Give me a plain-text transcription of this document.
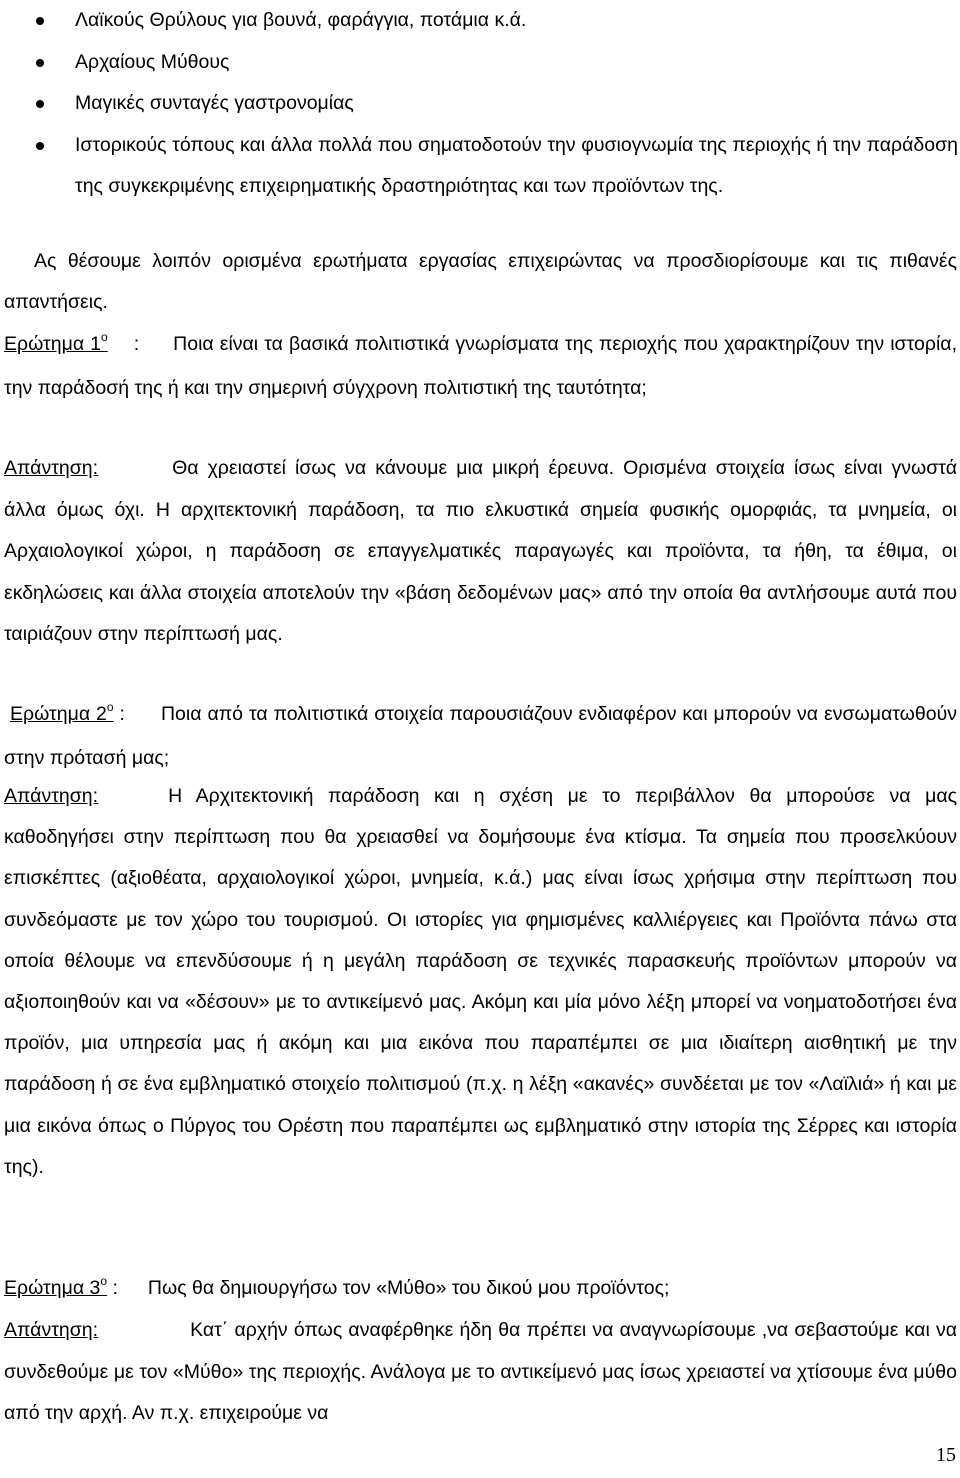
Λαϊκούς Θρύλους για βουνά, φαράγγια, ποτάμια κ.ά.
Αρχαίους Μύθους
Μαγικές συνταγές γαστρονομίας
Ιστορικούς τόπους και άλλα πολλά που σηματοδοτούν την φυσιογνωμία της περιοχής ή την παράδοση της συγκεκριμένης επιχειρηματικής δραστηριότητας και των προϊόντων της.

Ας θέσουμε λοιπόν ορισμένα ερωτήματα εργασίας επιχειρώντας να προσδιορίσουμε και τις πιθανές απαντήσεις.

Ερώτημα $1^o$ : Ποια είναι τα βασικά πολιτιστικά γνωρίσματα της περιοχής που χαρακτηρίζουν την ιστορία, την παράδοσή της ή και την σημερινή σύγχρονη πολιτιστική της ταυτότητα;

Απάντηση:	Θα χρειαστεί ίσως να κάνουμε μια μικρή έρευνα. Ορισμένα στοιχεία ίσως είναι γνωστά άλλα όμως όχι. Η αρχιτεκτονική παράδοση, τα πιο ελκυστικά σημεία φυσικής ομορφιάς, τα μνημεία, οι Αρχαιολογικοί χώροι, η παράδοση σε επαγγελματικές παραγωγές και προϊόντα, τα ήθη, τα έθιμα, οι εκδηλώσεις και άλλα στοιχεία αποτελούν την «βάση δεδομένων μας» από την οποία θα αντλήσουμε αυτά που ταιριάζουν στην περίπτωσή μας.

Ερώτημα $2^o$ : Ποια από τα πολιτιστικά στοιχεία παρουσιάζουν ενδιαφέρον και μπορούν να ενσωματωθούν στην πρότασή μας;

Απάντηση:	Η Αρχιτεκτονική παράδοση και η σχέση με το περιβάλλον θα μπορούσε να μας καθοδηγήσει στην περίπτωση που θα χρειασθεί να δομήσουμε ένα κτίσμα. Τα σημεία που προσελκύουν επισκέπτες (αξιοθέατα, αρχαιολογικοί χώροι, μνημεία, κ.ά.) μας είναι ίσως χρήσιμα στην περίπτωση που συνδεόμαστε με τον χώρο του τουρισμού. Οι ιστορίες για φημισμένες καλλιέργειες και Προϊόντα πάνω στα οποία θέλουμε να επενδύσουμε ή η μεγάλη παράδοση σε τεχνικές παρασκευής προϊόντων μπορούν να αξιοποιηθούν και να «δέσουν» με το αντικείμενό μας. Ακόμη και μία μόνο λέξη μπορεί να νοηματοδοτήσει ένα προϊόν, μια υπηρεσία μας ή ακόμη και μια εικόνα που παραπέμπει σε μια ιδιαίτερη αισθητική με την παράδοση ή σε ένα εμβληματικό στοιχείο πολιτισμού (π.χ. η λέξη «ακανές» συνδέεται με τον «Λαϊλιά» ή και με μια εικόνα όπως ο Πύργος του Ορέστη που παραπέμπει ως εμβληματικό στην ιστορία της Σέρρες και ιστορία της).

Ερώτημα $3^o$ : Πως θα δημιουργήσω τον «Μύθο» του δικού μου προϊόντος;

Απάντηση:	Κατ΄ αρχήν όπως αναφέρθηκε ήδη θα πρέπει να αναγνωρίσουμε ,να σεβαστούμε και να συνδεθούμε με τον «Μύθο» της περιοχής. Ανάλογα με το αντικείμενό μας ίσως χρειαστεί να χτίσουμε ένα μύθο από την αρχή. Αν π.χ. επιχειρούμε να

15
